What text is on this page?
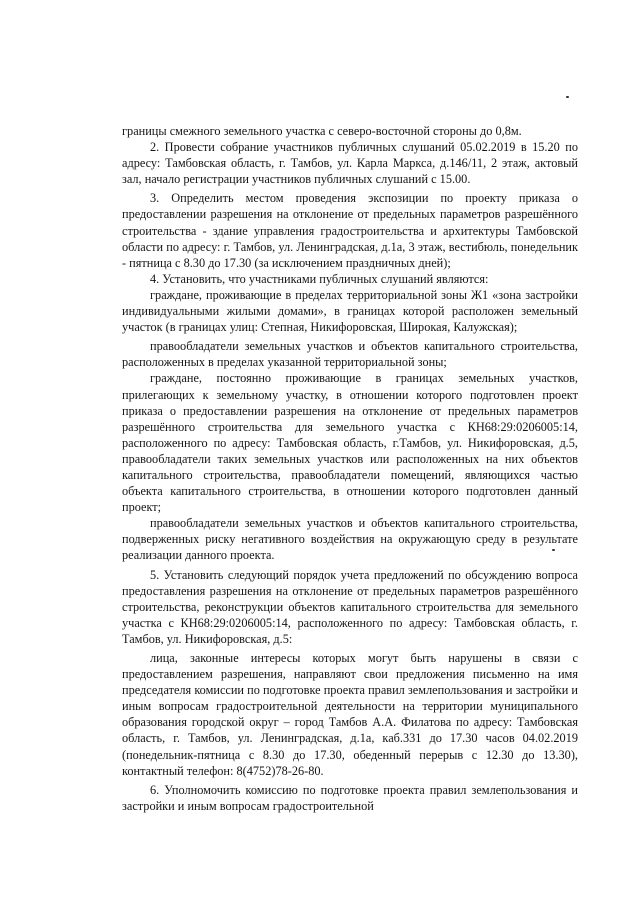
границы смежного земельного участка с северо-восточной стороны до 0,8м.

2. Провести собрание участников публичных слушаний 05.02.2019 в 15.20 по адресу: Тамбовская область, г. Тамбов, ул. Карла Маркса, д.146/11, 2 этаж, актовый зал, начало регистрации участников публичных слушаний с 15.00.

3. Определить местом проведения экспозиции по проекту приказа о предоставлении разрешения на отклонение от предельных параметров разрешённого строительства - здание управления градостроительства и архитектуры Тамбовской области по адресу: г. Тамбов, ул. Ленинградская, д.1а, 3 этаж, вестибюль, понедельник - пятница с 8.30 до 17.30 (за исключением праздничных дней);

4. Установить, что участниками публичных слушаний являются:

граждане, проживающие в пределах территориальной зоны Ж1 «зона застройки индивидуальными жилыми домами», в границах которой расположен земельный участок (в границах улиц: Степная, Никифоровская, Широкая, Калужская);

правообладатели земельных участков и объектов капитального строительства, расположенных в пределах указанной территориальной зоны;

граждане, постоянно проживающие в границах земельных участков, прилегающих к земельному участку, в отношении которого подготовлен проект приказа о предоставлении разрешения на отклонение от предельных параметров разрешённого строительства для земельного участка с КН68:29:0206005:14, расположенного по адресу: Тамбовская область, г.Тамбов, ул. Никифоровская, д.5, правообладатели таких земельных участков или расположенных на них объектов капитального строительства, правообладатели помещений, являющихся частью объекта капитального строительства, в отношении которого подготовлен данный проект;

правообладатели земельных участков и объектов капитального строительства, подверженных риску негативного воздействия на окружающую среду в результате реализации данного проекта.

5. Установить следующий порядок учета предложений по обсуждению вопроса предоставления разрешения на отклонение от предельных параметров разрешённого строительства, реконструкции объектов капитального строительства для земельного участка с КН68:29:0206005:14, расположенного по адресу: Тамбовская область, г. Тамбов, ул. Никифоровская, д.5:

лица, законные интересы которых могут быть нарушены в связи с предоставлением разрешения, направляют свои предложения письменно на имя председателя комиссии по подготовке проекта правил землепользования и застройки и иным вопросам градостроительной деятельности на территории муниципального образования городской округ – город Тамбов А.А. Филатова по адресу: Тамбовская область, г. Тамбов, ул. Ленинградская, д.1а, каб.331 до 17.30 часов 04.02.2019 (понедельник-пятница с 8.30 до 17.30, обеденный перерыв с 12.30 до 13.30), контактный телефон: 8(4752)78-26-80.

6. Уполномочить комиссию по подготовке проекта правил землепользования и застройки и иным вопросам градостроительной
